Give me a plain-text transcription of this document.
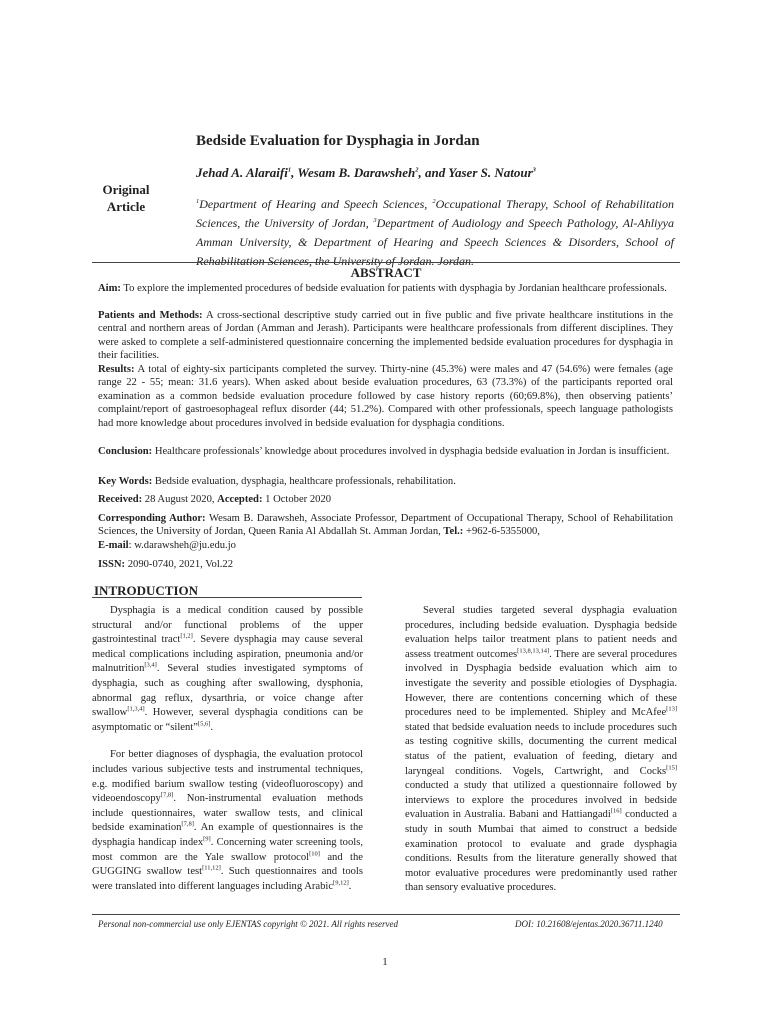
Bedside Evaluation for Dysphagia in Jordan
Jehad A. Alaraifi$^1$, Wesam B. Darawsheh$^2$, and Yaser S. Natour$^3$
Original
Article	$^1$Department of Hearing and Speech Sciences, $^2$Occupational Therapy, School of Rehabilitation Sciences, the University of Jordan, $^3$Department of Audiology and Speech Pathology, Al-Ahliyya Amman University, & Department of Hearing and Speech Sciences & Disorders, School of Rehabilitation Sciences, the University of Jordan. Jordan.
ABSTRACT
Aim: To explore the implemented procedures of bedside evaluation for patients with dysphagia by Jordanian healthcare professionals.
Patients and Methods: A cross-sectional descriptive study carried out in five public and five private healthcare institutions in the central and northern areas of Jordan (Amman and Jerash). Participants were healthcare professionals from different disciplines. They were asked to complete a self-administered questionnaire concerning the implemented bedside evaluation procedures for dysphagia in their facilities.
Results: A total of eighty-six participants completed the survey. Thirty-nine (45.3%) were males and 47 (54.6%) were females (age range 22 - 55; mean: 31.6 years). When asked about beside evaluation procedures, 63 (73.3%) of the participants reported oral examination as a common bedside evaluation procedure followed by case history reports (60;69.8%), then observing patients’ complaint/report of gastroesophageal reflux disorder (44; 51.2%). Compared with other professionals, speech language pathologists had more knowledge about procedures involved in bedside evaluation for dysphagia conditions.
Conclusion: Healthcare professionals’ knowledge about procedures involved in dysphagia bedside evaluation in Jordan is insufficient.
Key Words: Bedside evaluation, dysphagia, healthcare professionals, rehabilitation.
Received: 28 August 2020, Accepted: 1 October 2020
Corresponding Author: Wesam B. Darawsheh, Associate Professor, Department of Occupational Therapy, School of Rehabilitation Sciences, the University of Jordan, Queen Rania Al Abdallah St. Amman Jordan, Tel.: +962-6-5355000,
E-mail: w.darawsheh@ju.edu.jo
ISSN: 2090-0740, 2021, Vol.22
INTRODUCTION

Dysphagia is a medical condition caused by possible structural and/or functional problems of the upper gastrointestinal tract[1,2]. Severe dysphagia may cause several medical complications including aspiration, pneumonia and/or malnutrition[3,4]. Several studies investigated symptoms of dysphagia, such as coughing after swallowing, dysphonia, abnormal gag reflux, dysarthria, or voice change after swallow[1,3,4]. However, several dysphagia conditions can be asymptomatic or “silent”[5,6].

For better diagnoses of dysphagia, the evaluation protocol includes various subjective tests and instrumental techniques, e.g. modified barium swallow testing (videofluoroscopy) and videoendoscopy[7,8]. Non-instrumental evaluation methods include questionnaires, water swallow tests, and clinical bedside examination[7,8]. An example of questionnaires is the dysphagia handicap index[9]. Concerning water screening tools, most common are the Yale swallow protocol[10] and the GUGGING swallow test[11,12]. Such questionnaires and tools were translated into different languages including Arabic[9,12].

Several studies targeted several dysphagia evaluation procedures, including bedside evaluation. Dysphagia bedside evaluation helps tailor treatment plans to patient needs and assess treatment outcomes[13,8,13,14]. There are several procedures involved in Dysphagia bedside evaluation which aim to investigate the severity and possible etiologies of Dysphagia. However, there are contentions concerning which of these procedures need to be implemented. Shipley and McAfee[13] stated that bedside evaluation needs to include procedures such as testing cognitive skills, documenting the current medical status of the patient, evaluation of feeding, dietary and laryngeal conditions. Vogels, Cartwright, and Cocks[15] conducted a study that utilized a questionnaire followed by interviews to explore the procedures involved in bedside evaluation in Australia. Babani and Hattiangadi[16] conducted a study in south Mumbai that aimed to construct a bedside examination protocol to evaluate and grade dysphagia conditions. Results from the literature generally showed that motor evaluative procedures were predominantly used rather than sensory evaluative procedures.

Personal non-commercial use only EJENTAS copyright © 2021. All rights reserved	DOI: 10.21608/ejentas.2020.36711.1240
1
